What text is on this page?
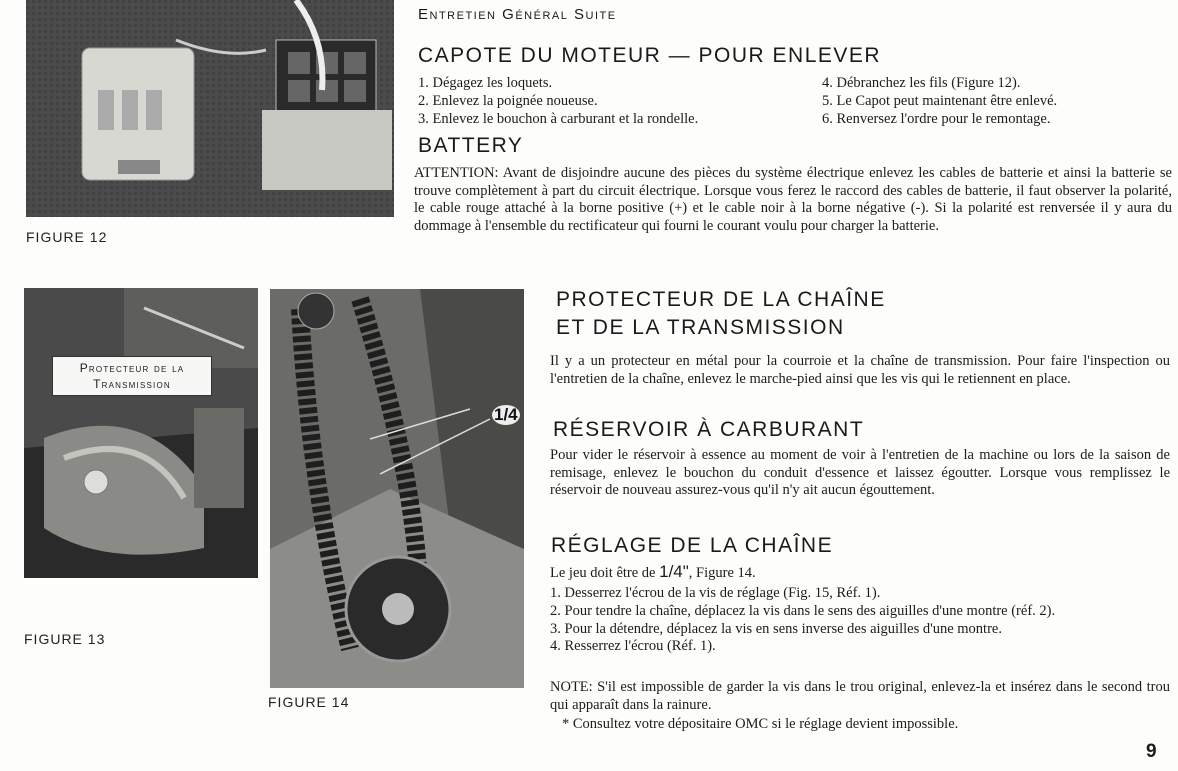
FIGURE 12
Entretien Général Suite
CAPOTE DU MOTEUR — POUR ENLEVER
1. Dégagez les loquets.
2. Enlevez la poignée noueuse.
3. Enlevez le bouchon à carburant et la rondelle.
4. Débranchez les fils (Figure 12).
5. Le Capot peut maintenant être enlevé.
6. Renversez l'ordre pour le remontage.
BATTERY

ATTENTION: Avant de disjoindre aucune des pièces du système électrique enlevez les cables de batterie et ainsi la batterie se trouve complètement à part du circuit électrique. Lorsque vous ferez le raccord des cables de batterie, il faut observer la polarité, le cable rouge attaché à la borne positive (+) et le cable noir à la borne négative (-). Si la polarité est renversée il y aura du dommage à l'ensemble du rectificateur qui fourni le courant voulu pour charger la batterie.

Protecteur de la Transmission
FIGURE 13
1/4
FIGURE 14
PROTECTEUR DE LA CHAÎNE
ET DE LA TRANSMISSION

Il y a un protecteur en métal pour la courroie et la chaîne de transmission. Pour faire l'inspection ou l'entretien de la chaîne, enlevez le marche-pied ainsi que les vis qui le retiennent en place.

RÉSERVOIR À CARBURANT

Pour vider le réservoir à essence au moment de voir à l'entretien de la machine ou lors de la saison de remisage, enlevez le bouchon du conduit d'essence et laissez égoutter. Lorsque vous remplissez le réservoir de nouveau assurez-vous qu'il n'y ait aucun égouttement.

RÉGLAGE DE LA CHAÎNE
Le jeu doit être de 1/4", Figure 14.
1. Desserrez l'écrou de la vis de réglage (Fig. 15, Réf. 1).
2. Pour tendre la chaîne, déplacez la vis dans le sens des aiguilles d'une montre (réf. 2).
3. Pour la détendre, déplacez la vis en sens inverse des aiguilles d'une montre.
4. Resserrez l'écrou (Réf. 1).

NOTE: S'il est impossible de garder la vis dans le trou original, enlevez-la et insérez dans le second trou qui apparaît dans la rainure.

* Consultez votre dépositaire OMC si le réglage devient impossible.
9
